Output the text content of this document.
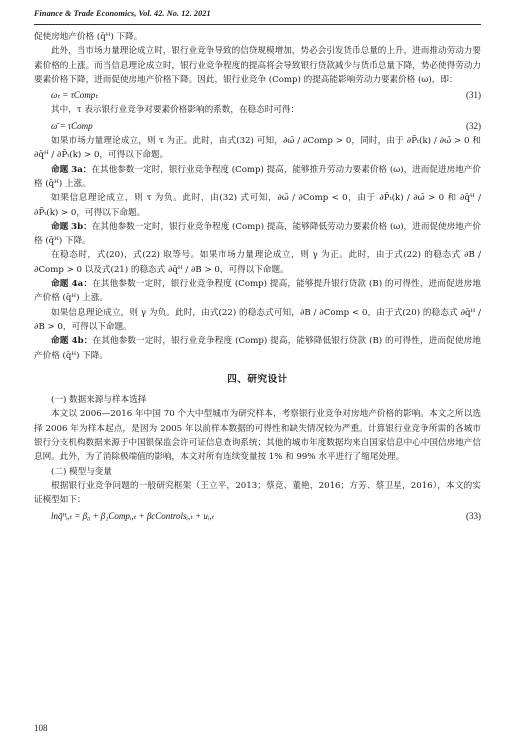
Finance & Trade Economics, Vol. 42. No. 12. 2021

促使房地产价格 (q̄ᴴ) 下降。

此外，当市场力量理论成立时，银行业竞争导致的信贷规模增加，势必会引发货币总量的上升，进而推动劳动力要素价格的上涨。而当信息理论成立时，银行业竞争程度的提高将会导致银行贷款减少与货币总量下降，势必使得劳动力要素价格下降，进而促使房地产价格下降。因此，银行业竞争 (Comp) 的提高能影响劳动力要素价格 (ω)，即：

ωₜ = τCompₜ	(31)

其中，τ 表示银行业竞争对要素价格影响的系数，在稳态时可得：

ω̄ = τComp	(32)

如果市场力量理论成立，则 τ 为正。此时，由式(32) 可知，∂ω̄ / ∂Comp > 0，同时，由于 ∂P̄ₜ(k) / ∂ω̄ > 0 和 ∂q̄ᴴ / ∂P̄ₜ(k) > 0，可得以下命题。

命题 3a：在其他参数一定时，银行业竞争程度 (Comp) 提高，能够推升劳动力要素价格 (ω)，进而促进房地产价格 (q̄ᴴ) 上涨。

如果信息理论成立，则 τ 为负。此时，由(32) 式可知，∂ω̄ / ∂Comp < 0，由于 ∂P̄ₜ(k) / ∂ω̄ > 0 和 ∂q̄ᴴ / ∂P̄ₜ(k) > 0，可得以下命题。

命题 3b：在其他参数一定时，银行业竞争程度 (Comp) 提高，能够降低劳动力要素价格 (ω)，进而促使房地产价格 (q̄ᴴ) 下降。

在稳态时，式(20)，式(22) 取等号。如果市场力量理论成立，则 γ 为正。此时，由于式(22) 的稳态式 ∂B / ∂Comp > 0 以及式(21) 的稳态式 ∂q̄ᴴ / ∂B > 0，可得以下命题。

命题 4a：在其他参数一定时，银行业竞争程度 (Comp) 提高，能够提升银行贷款 (B) 的可得性，进而促进房地产价格 (q̄ᴴ) 上涨。

如果信息理论成立，则 γ 为负。此时，由式(22) 的稳态式可知，∂B / ∂Comp < 0，由于式(20) 的稳态式 ∂q̄ᴴ / ∂B > 0，可得以下命题。

命题 4b：在其他参数一定时，银行业竞争程度 (Comp) 提高，能够降低银行贷款 (B) 的可得性，进而促使房地产价格 (q̄ᴴ) 下降。

四、研究设计

(一) 数据来源与样本选择

本文以 2006—2016 年中国 70 个大中型城市为研究样本，考察银行业竞争对房地产价格的影响。本文之所以选择 2006 年为样本起点，是因为 2005 年以前样本数据的可得性和缺失情况较为严重。计算银行业竞争所需的各城市银行分支机构数据来源于中国银保监会许可证信息查询系统；其他的城市年度数据均来自国家信息中心中国信房地产信息网。此外，为了消除极端值的影响，本文对所有连续变量按 1% 和 99% 水平进行了缩尾处理。

(二) 模型与变量

根据银行业竞争问题的一般研究框架（王立平，2013；蔡竞、董艳，2016；方芳、蔡卫星，2016），本文的实证模型如下：

lnq̄ᴴᵢ,ₜ = β₀ + β₁Compᵢ,ₜ + βcControlsᵢ,ₜ + uᵢ,ₜ	(33)
108
